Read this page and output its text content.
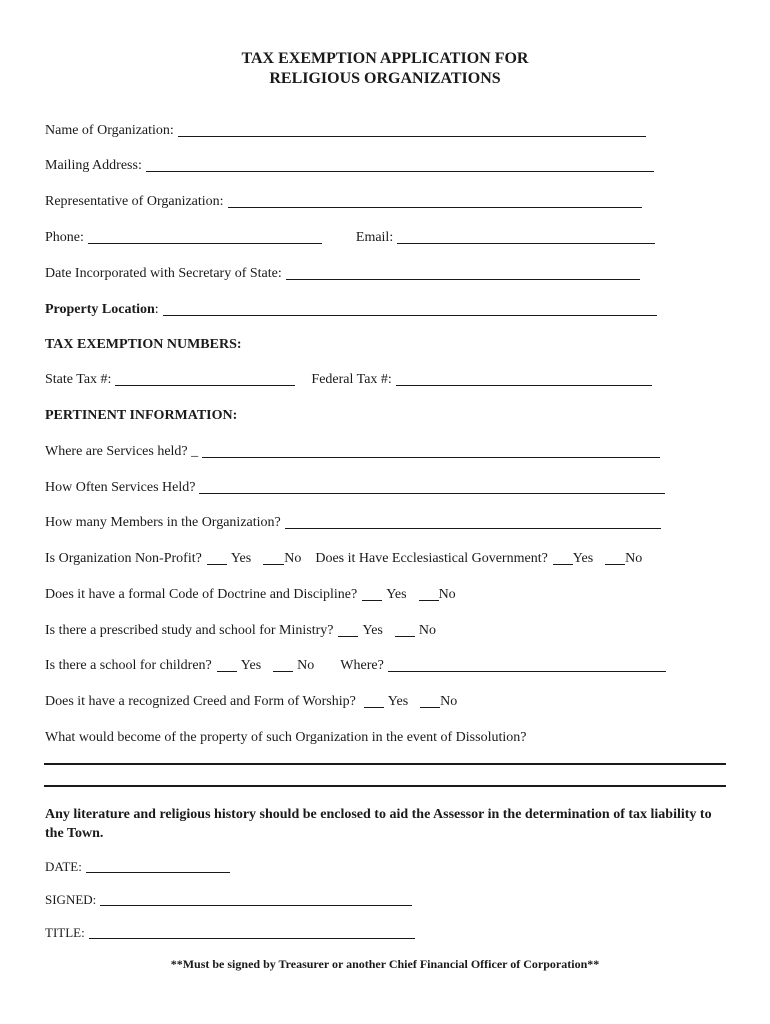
TAX EXEMPTION APPLICATION FOR
RELIGIOUS ORGANIZATIONS
Name of Organization:
Mailing Address:
Representative of Organization:
Phone:	Email:
Date Incorporated with Secretary of State:
Property Location :
TAX EXEMPTION NUMBERS:
State Tax #:	Federal Tax #:
PERTINENT INFORMATION:
Where are Services held? _
How Often Services Held?
How many Members in the Organization?
Is Organization Non-Profit? Yes No Does it Have Ecclesiastical Government? Yes No
Does it have a formal Code of Doctrine and Discipline? Yes No
Is there a prescribed study and school for Ministry? Yes	No
Is there a school for children? Yes	No Where?
Does it have a recognized Creed and Form of Worship? Yes No
What would become of the property of such Organization in the event of Dissolution?
Any literature and religious history should be enclosed to aid the Assessor in the determination of tax liability to the Town.
DATE:
SIGNED:
TITLE:
**Must be signed by Treasurer or another Chief Financial Officer of Corporation**
